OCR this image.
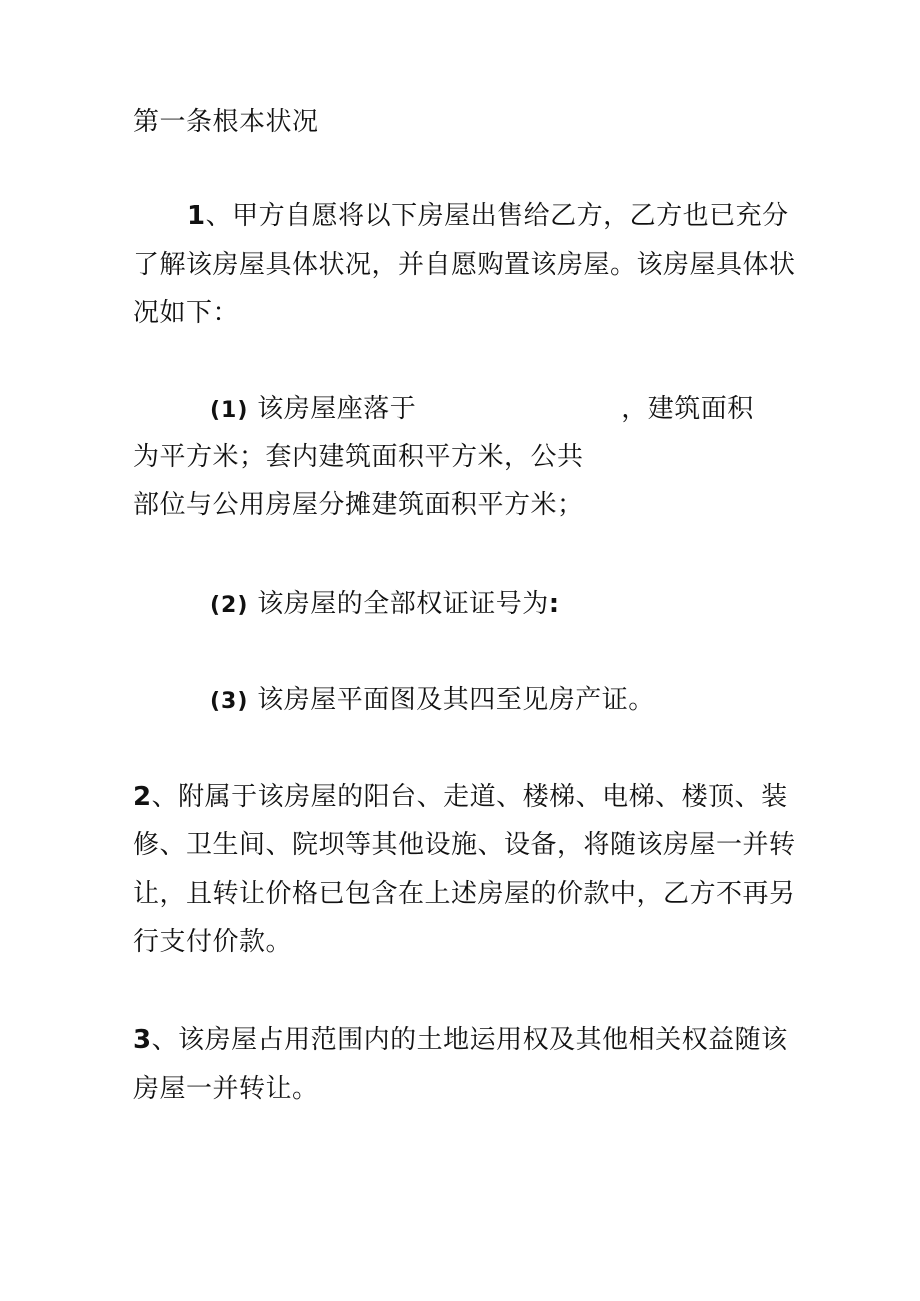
第一条根本状况
1、甲方自愿将以下房屋出售给乙方，乙方也已充分
了解该房屋具体状况，并自愿购置该房屋。该房屋具体状
况如下：
(1) 该房屋座落于	，建筑面积
为平方米；套内建筑面积平方米，公共
部位与公用房屋分摊建筑面积平方米；
(2) 该房屋的全部权证证号为:
(3) 该房屋平面图及其四至见房产证。
2、附属于该房屋的阳台、走道、楼梯、电梯、楼顶、装
修、卫生间、院坝等其他设施、设备，将随该房屋一并转
让，且转让价格已包含在上述房屋的价款中，乙方不再另
行支付价款。
3、该房屋占用范围内的土地运用权及其他相关权益随该
房屋一并转让。
